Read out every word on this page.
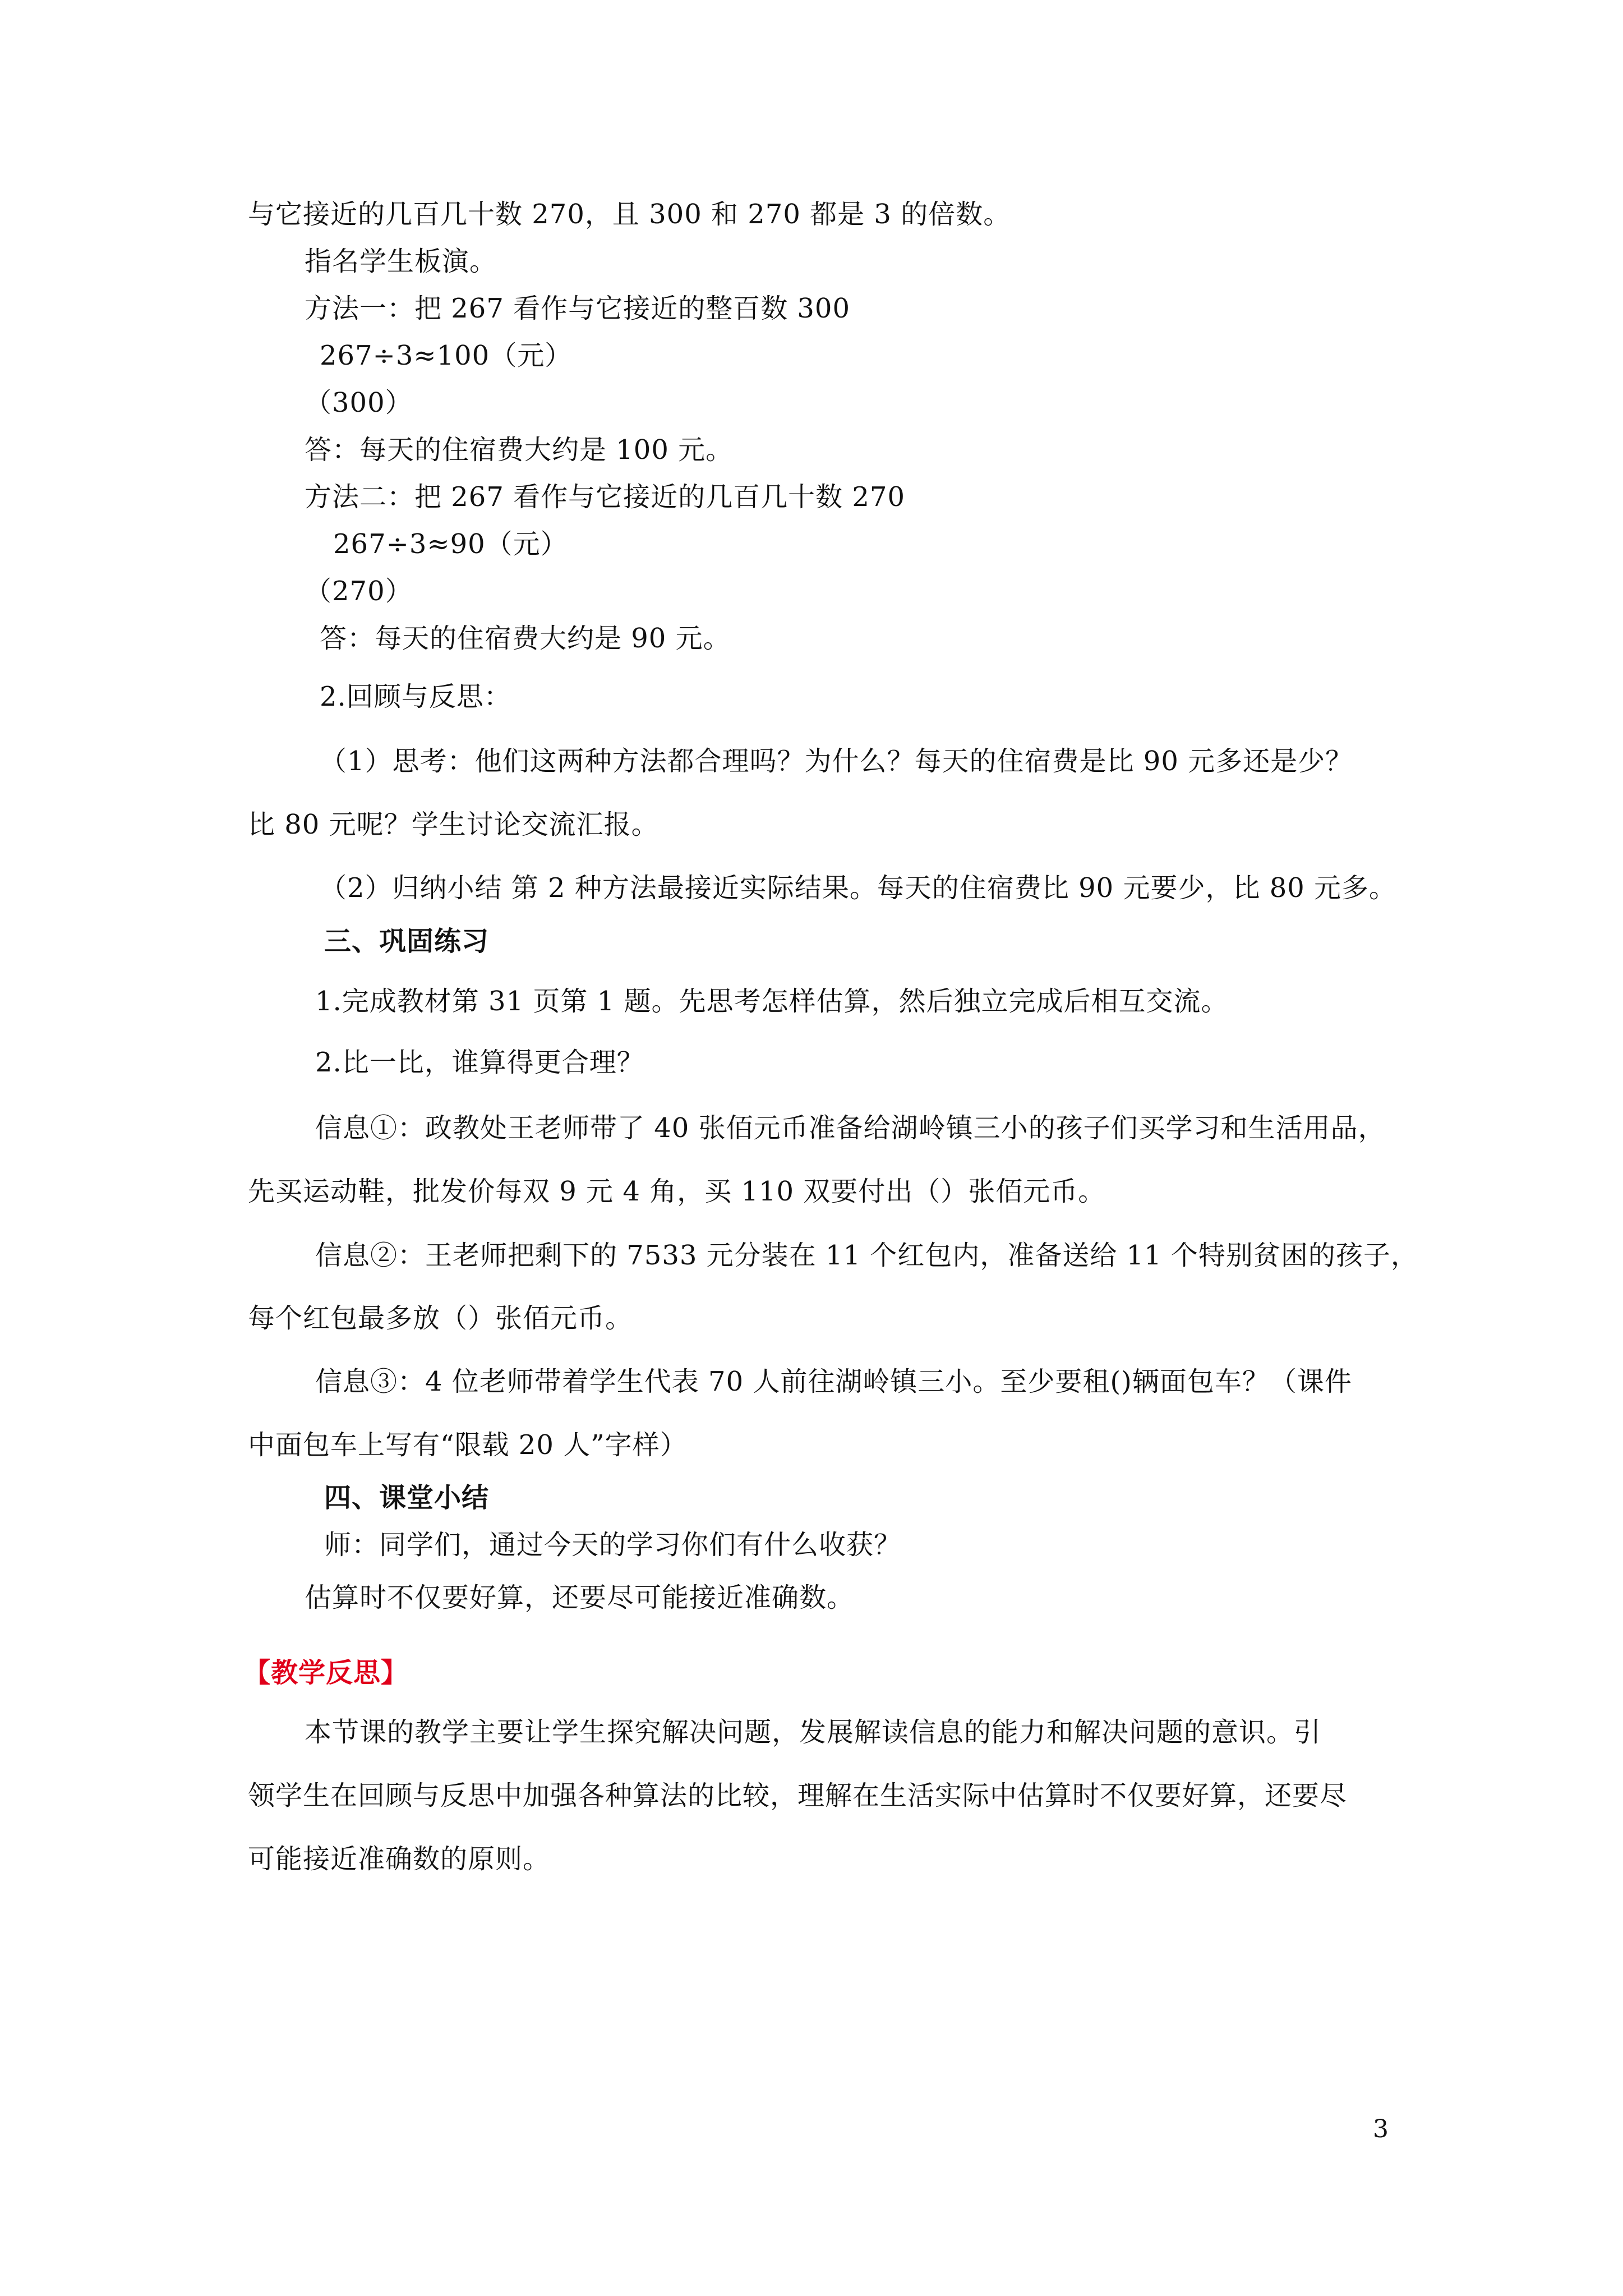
与它接近的几百几十数 270，且 300 和 270 都是 3 的倍数。
指名学生板演。
方法一：把 267 看作与它接近的整百数 300
267÷3≈100（元）
（300）
答：每天的住宿费大约是 100 元。
方法二：把 267 看作与它接近的几百几十数 270
267÷3≈90（元）
（270）
答：每天的住宿费大约是 90 元。
2.回顾与反思：
（1）思考：他们这两种方法都合理吗？为什么？每天的住宿费是比 90 元多还是少？
比 80 元呢？学生讨论交流汇报。
（2）归纳小结 第 2 种方法最接近实际结果。每天的住宿费比 90 元要少，比 80 元多。
三、巩固练习
1.完成教材第 31 页第 1 题。先思考怎样估算，然后独立完成后相互交流。
2.比一比，谁算得更合理？
信息①：政教处王老师带了 40 张佰元币准备给湖岭镇三小的孩子们买学习和生活用品，
先买运动鞋，批发价每双 9 元 4 角，买 110 双要付出（）张佰元币。
信息②：王老师把剩下的 7533 元分装在 11 个红包内，准备送给 11 个特别贫困的孩子，
每个红包最多放（）张佰元币。
信息③：4 位老师带着学生代表 70 人前往湖岭镇三小。至少要租()辆面包车？（课件
中面包车上写有“限载 20 人”字样）
四、课堂小结
师：同学们，通过今天的学习你们有什么收获？
估算时不仅要好算，还要尽可能接近准确数。
【教学反思】
本节课的教学主要让学生探究解决问题，发展解读信息的能力和解决问题的意识。引
领学生在回顾与反思中加强各种算法的比较，理解在生活实际中估算时不仅要好算，还要尽
可能接近准确数的原则。
3
